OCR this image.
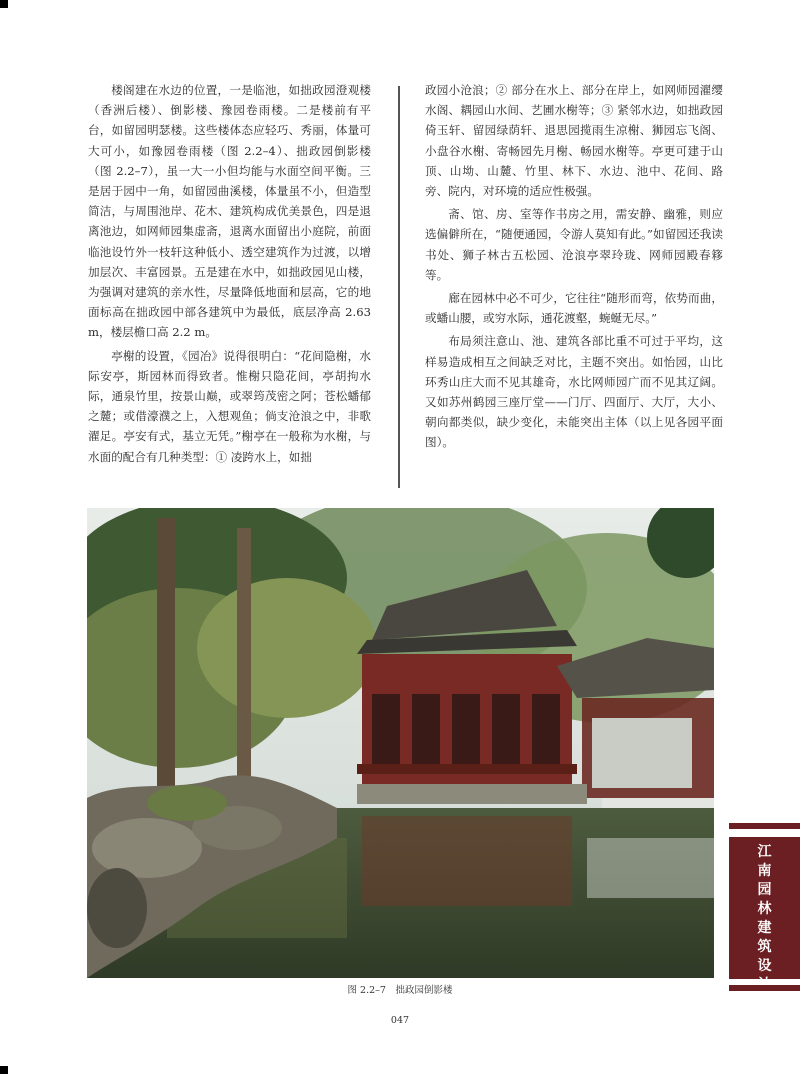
楼阁建在水边的位置，一是临池，如拙政园澄观楼（香洲后楼）、倒影楼、豫园卷雨楼。二是楼前有平台，如留园明瑟楼。这些楼体态应轻巧、秀丽，体量可大可小，如豫园卷雨楼（图 2.2–4）、拙政园倒影楼（图 2.2–7），虽一大一小但均能与水面空间平衡。三是居于园中一角，如留园曲溪楼，体量虽不小，但造型简洁，与周围池岸、花木、建筑构成优美景色，四是退离池边，如网师园集虚斋，退离水面留出小庭院，前面临池设竹外一枝轩这种低小、透空建筑作为过渡，以增加层次、丰富园景。五是建在水中，如拙政园见山楼，为强调对建筑的亲水性，尽量降低地面和层高，它的地面标高在拙政园中部各建筑中为最低，底层净高 2.63 m，楼层檐口高 2.2 m。

亭榭的设置，《园冶》说得很明白：“花间隐榭，水际安亭，斯园林而得致者。惟榭只隐花间，亭胡拘水际，通泉竹里，按景山巅，或翠筠茂密之阿；苍松蟠郁之麓；或借濠濮之上，入想观鱼；倘支沧浪之中，非歌濯足。亭安有式，基立无凭。”榭亭在一般称为水榭，与水面的配合有几种类型：① 凌跨水上，如拙

政园小沧浪；② 部分在水上、部分在岸上，如网师园濯缨水阁、耦园山水间、艺圃水榭等；③ 紧邻水边，如拙政园倚玉轩、留园绿荫轩、退思园揽雨生凉榭、狮园忘飞阁、小盘谷水榭、寄畅园先月榭、畅园水榭等。亭更可建于山顶、山坳、山麓、竹里、林下、水边、池中、花间、路旁、院内，对环境的适应性极强。

斋、馆、房、室等作书房之用，需安静、幽雅，则应选偏僻所在，“随便通园，令游人莫知有此。”如留园还我读书处、狮子林古五松园、沧浪亭翠玲珑、网师园殿春簃等。

廊在园林中必不可少，它往往“随形而弯，依势而曲，或蟠山腰，或穷水际，通花渡壑，蜿蜒无尽。”

布局须注意山、池、建筑各部比重不可过于平均，这样易造成相互之间缺乏对比，主题不突出。如怡园，山比环秀山庄大而不见其雄奇，水比网师园广而不见其辽阔。又如苏州鹤园三座厅堂——门厅、四面厅、大厅，大小、朝向都类似，缺少变化，未能突出主体（以上见各园平面图）。

图 2.2–7　拙政园倒影楼
047
江
南
园
林
建
筑
设
